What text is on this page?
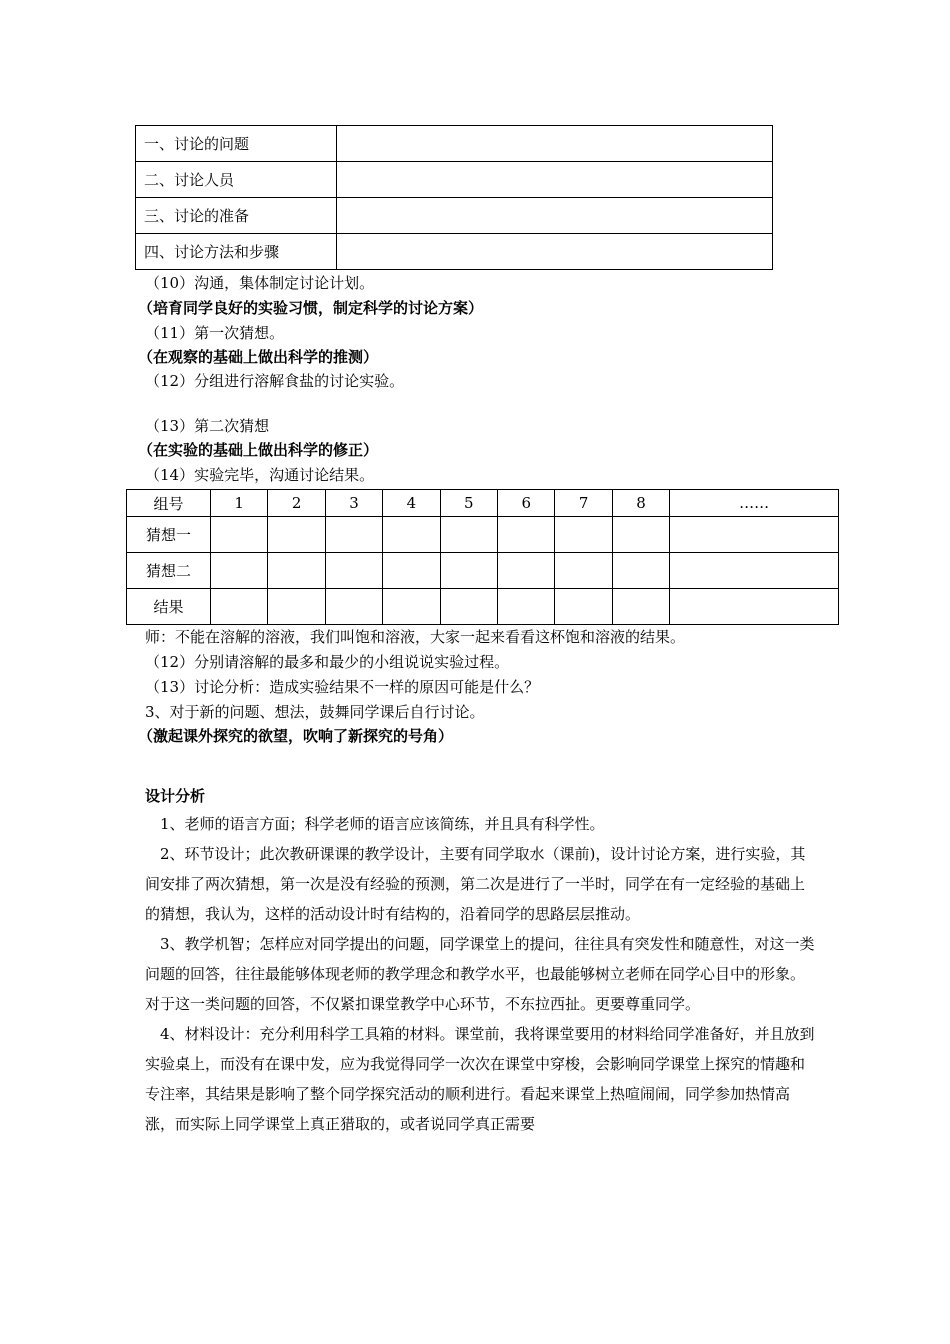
一、讨论的问题	
二、讨论人员	
三、讨论的准备	
四、讨论方法和步骤	
（10）沟通，集体制定讨论计划。
（培育同学良好的实验习惯，制定科学的讨论方案）
（11）第一次猜想。
（在观察的基础上做出科学的推测）
（12）分组进行溶解食盐的讨论实验。
（13）第二次猜想
（在实验的基础上做出科学的修正）
（14）实验完毕，沟通讨论结果。
组号	1	2	3	4	5	6	7	8	……
猜想一									
猜想二									
结果									
师：不能在溶解的溶液，我们叫饱和溶液，大家一起来看看这杯饱和溶液的结果。
（12）分别请溶解的最多和最少的小组说说实验过程。
（13）讨论分析：造成实验结果不一样的原因可能是什么？
3、对于新的问题、想法，鼓舞同学课后自行讨论。
（激起课外探究的欲望，吹响了新探究的号角）
设计分析
1、老师的语言方面；科学老师的语言应该简练，并且具有科学性。
2、环节设计；此次教研课课的教学设计，主要有同学取水（课前)，设计讨论方案，进行实验，其间安排了两次猜想，第一次是没有经验的预测，第二次是进行了一半时，同学在有一定经验的基础上的猜想，我认为，这样的活动设计时有结构的，沿着同学的思路层层推动。
3、教学机智；怎样应对同学提出的问题，同学课堂上的提问，往往具有突发性和随意性，对这一类问题的回答，往往最能够体现老师的教学理念和教学水平，也最能够树立老师在同学心目中的形象。对于这一类问题的回答，不仅紧扣课堂教学中心环节，不东拉西扯。更要尊重同学。
4、材料设计：充分利用科学工具箱的材料。课堂前，我将课堂要用的材料给同学准备好，并且放到实验桌上，而没有在课中发，应为我觉得同学一次次在课堂中穿梭，会影响同学课堂上探究的情趣和专注率，其结果是影响了整个同学探究活动的顺利进行。看起来课堂上热喧闹闹，同学参加热情高涨，而实际上同学课堂上真正猎取的，或者说同学真正需要
